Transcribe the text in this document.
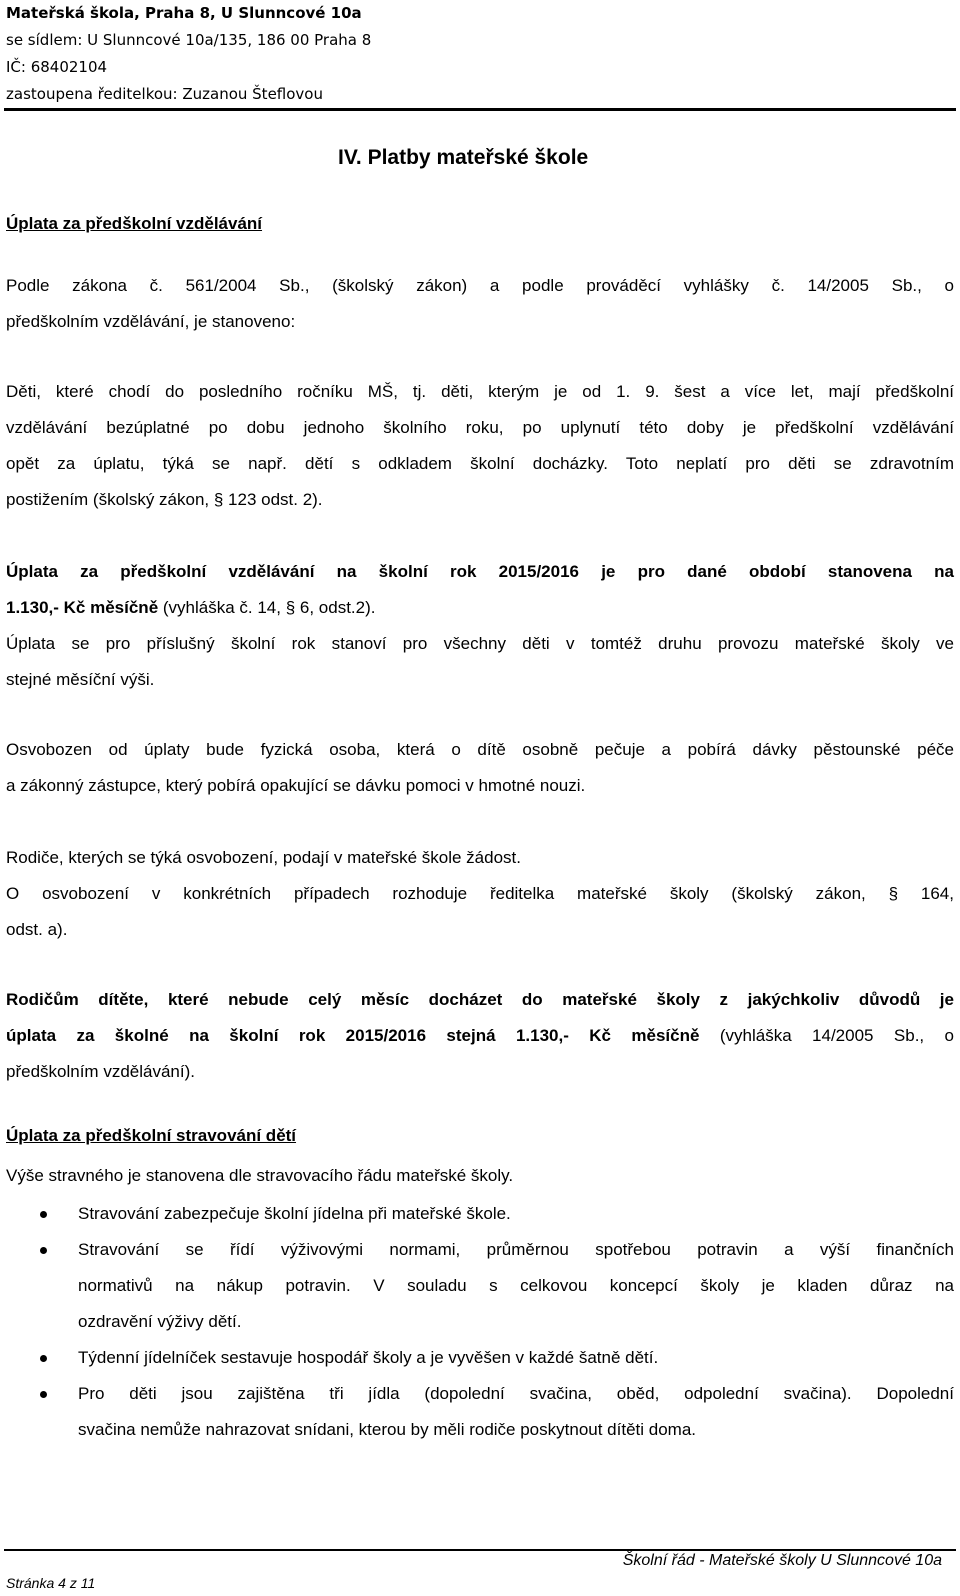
Mateřská škola, Praha 8, U Slunncové 10a
se sídlem: U Slunncové 10a/135, 186 00 Praha 8
IČ: 68402104
zastoupena ředitelkou: Zuzanou Šteflovou
IV. Platby mateřské škole
Úplata za předškolní vzdělávání
Podle zákona č. 561/2004 Sb., (školský zákon) a podle prováděcí vyhlášky č. 14/2005 Sb., o
předškolním vzdělávání, je stanoveno:
Děti, které chodí do posledního ročníku MŠ, tj. děti, kterým je od 1. 9. šest a více let, mají předškolní
vzdělávání bezúplatné po dobu jednoho školního roku, po uplynutí této doby je předškolní vzdělávání
opět za úplatu, týká se např. dětí s odkladem školní docházky. Toto neplatí pro děti se zdravotním
postižením (školský zákon, § 123 odst. 2).
Úplata za předškolní vzdělávání na školní rok 2015/2016 je pro dané období stanovena na
1.130,- Kč měsíčně (vyhláška č. 14, § 6, odst.2).
Úplata se pro příslušný školní rok stanoví pro všechny děti v tomtéž druhu provozu mateřské školy ve
stejné měsíční výši.
Osvobozen od úplaty bude fyzická osoba, která o dítě osobně pečuje a pobírá dávky pěstounské péče
a zákonný zástupce, který pobírá opakující se dávku pomoci v hmotné nouzi.
Rodiče, kterých se týká osvobození, podají v mateřské škole žádost.
O osvobození v konkrétních případech rozhoduje ředitelka mateřské školy (školský zákon, § 164,
odst. a).
Rodičům dítěte, které nebude celý měsíc docházet do mateřské školy z jakýchkoliv důvodů je
úplata za školné na školní rok 2015/2016 stejná 1.130,- Kč měsíčně (vyhláška 14/2005 Sb., o
předškolním vzdělávání).
Úplata za předškolní stravování dětí
Výše stravného je stanovena dle stravovacího řádu mateřské školy.
Stravování zabezpečuje školní jídelna při mateřské škole.
Stravování se řídí výživovými normami, průměrnou spotřebou potravin a výší finančních
normativů na nákup potravin. V souladu s celkovou koncepcí školy je kladen důraz na
ozdravění výživy dětí.
Týdenní jídelníček sestavuje hospodář školy a je vyvěšen v každé šatně dětí.
Pro děti jsou zajištěna tři jídla (dopolední svačina, oběd, odpolední svačina). Dopolední
svačina nemůže nahrazovat snídani, kterou by měli rodiče poskytnout dítěti doma.
Školní řád - Mateřské školy U Slunncové 10a
Stránka 4 z 11
